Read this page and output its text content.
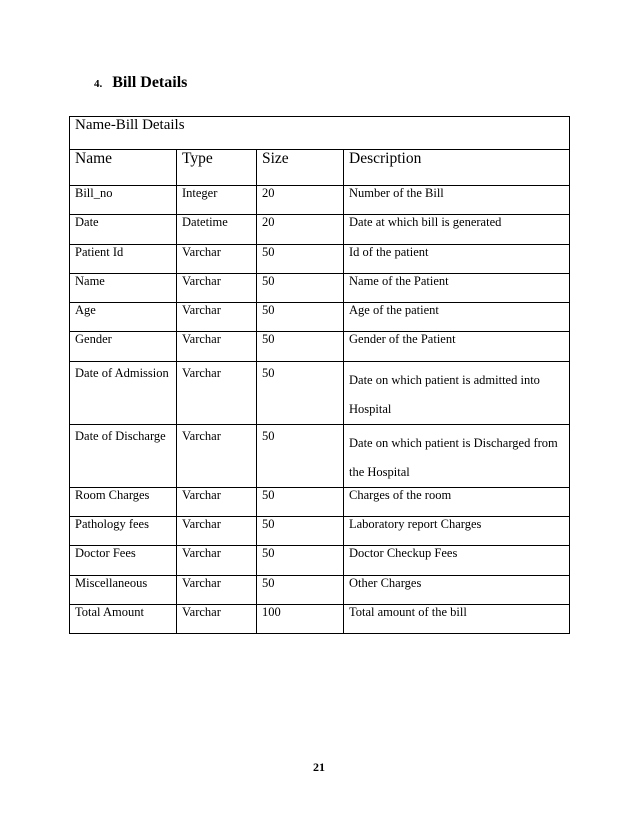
4. Bill Details
Name-Bill Details			
Name	Type	Size	Description
Bill_no	Integer	20	Number of the Bill
Date	Datetime	20	Date at which bill is generated
Patient Id	Varchar	50	Id of the patient
Name	Varchar	50	Name of the Patient
Age	Varchar	50	Age of the patient
Gender	Varchar	50	Gender of the Patient
Date of Admission	Varchar	50	Date on which patient is admitted into Hospital
Date of Discharge	Varchar	50	Date on which patient is Discharged from the Hospital
Room Charges	Varchar	50	Charges of the room
Pathology fees	Varchar	50	Laboratory report Charges
Doctor Fees	Varchar	50	Doctor Checkup Fees
Miscellaneous	Varchar	50	Other Charges
Total Amount	Varchar	100	Total amount of the bill
21
